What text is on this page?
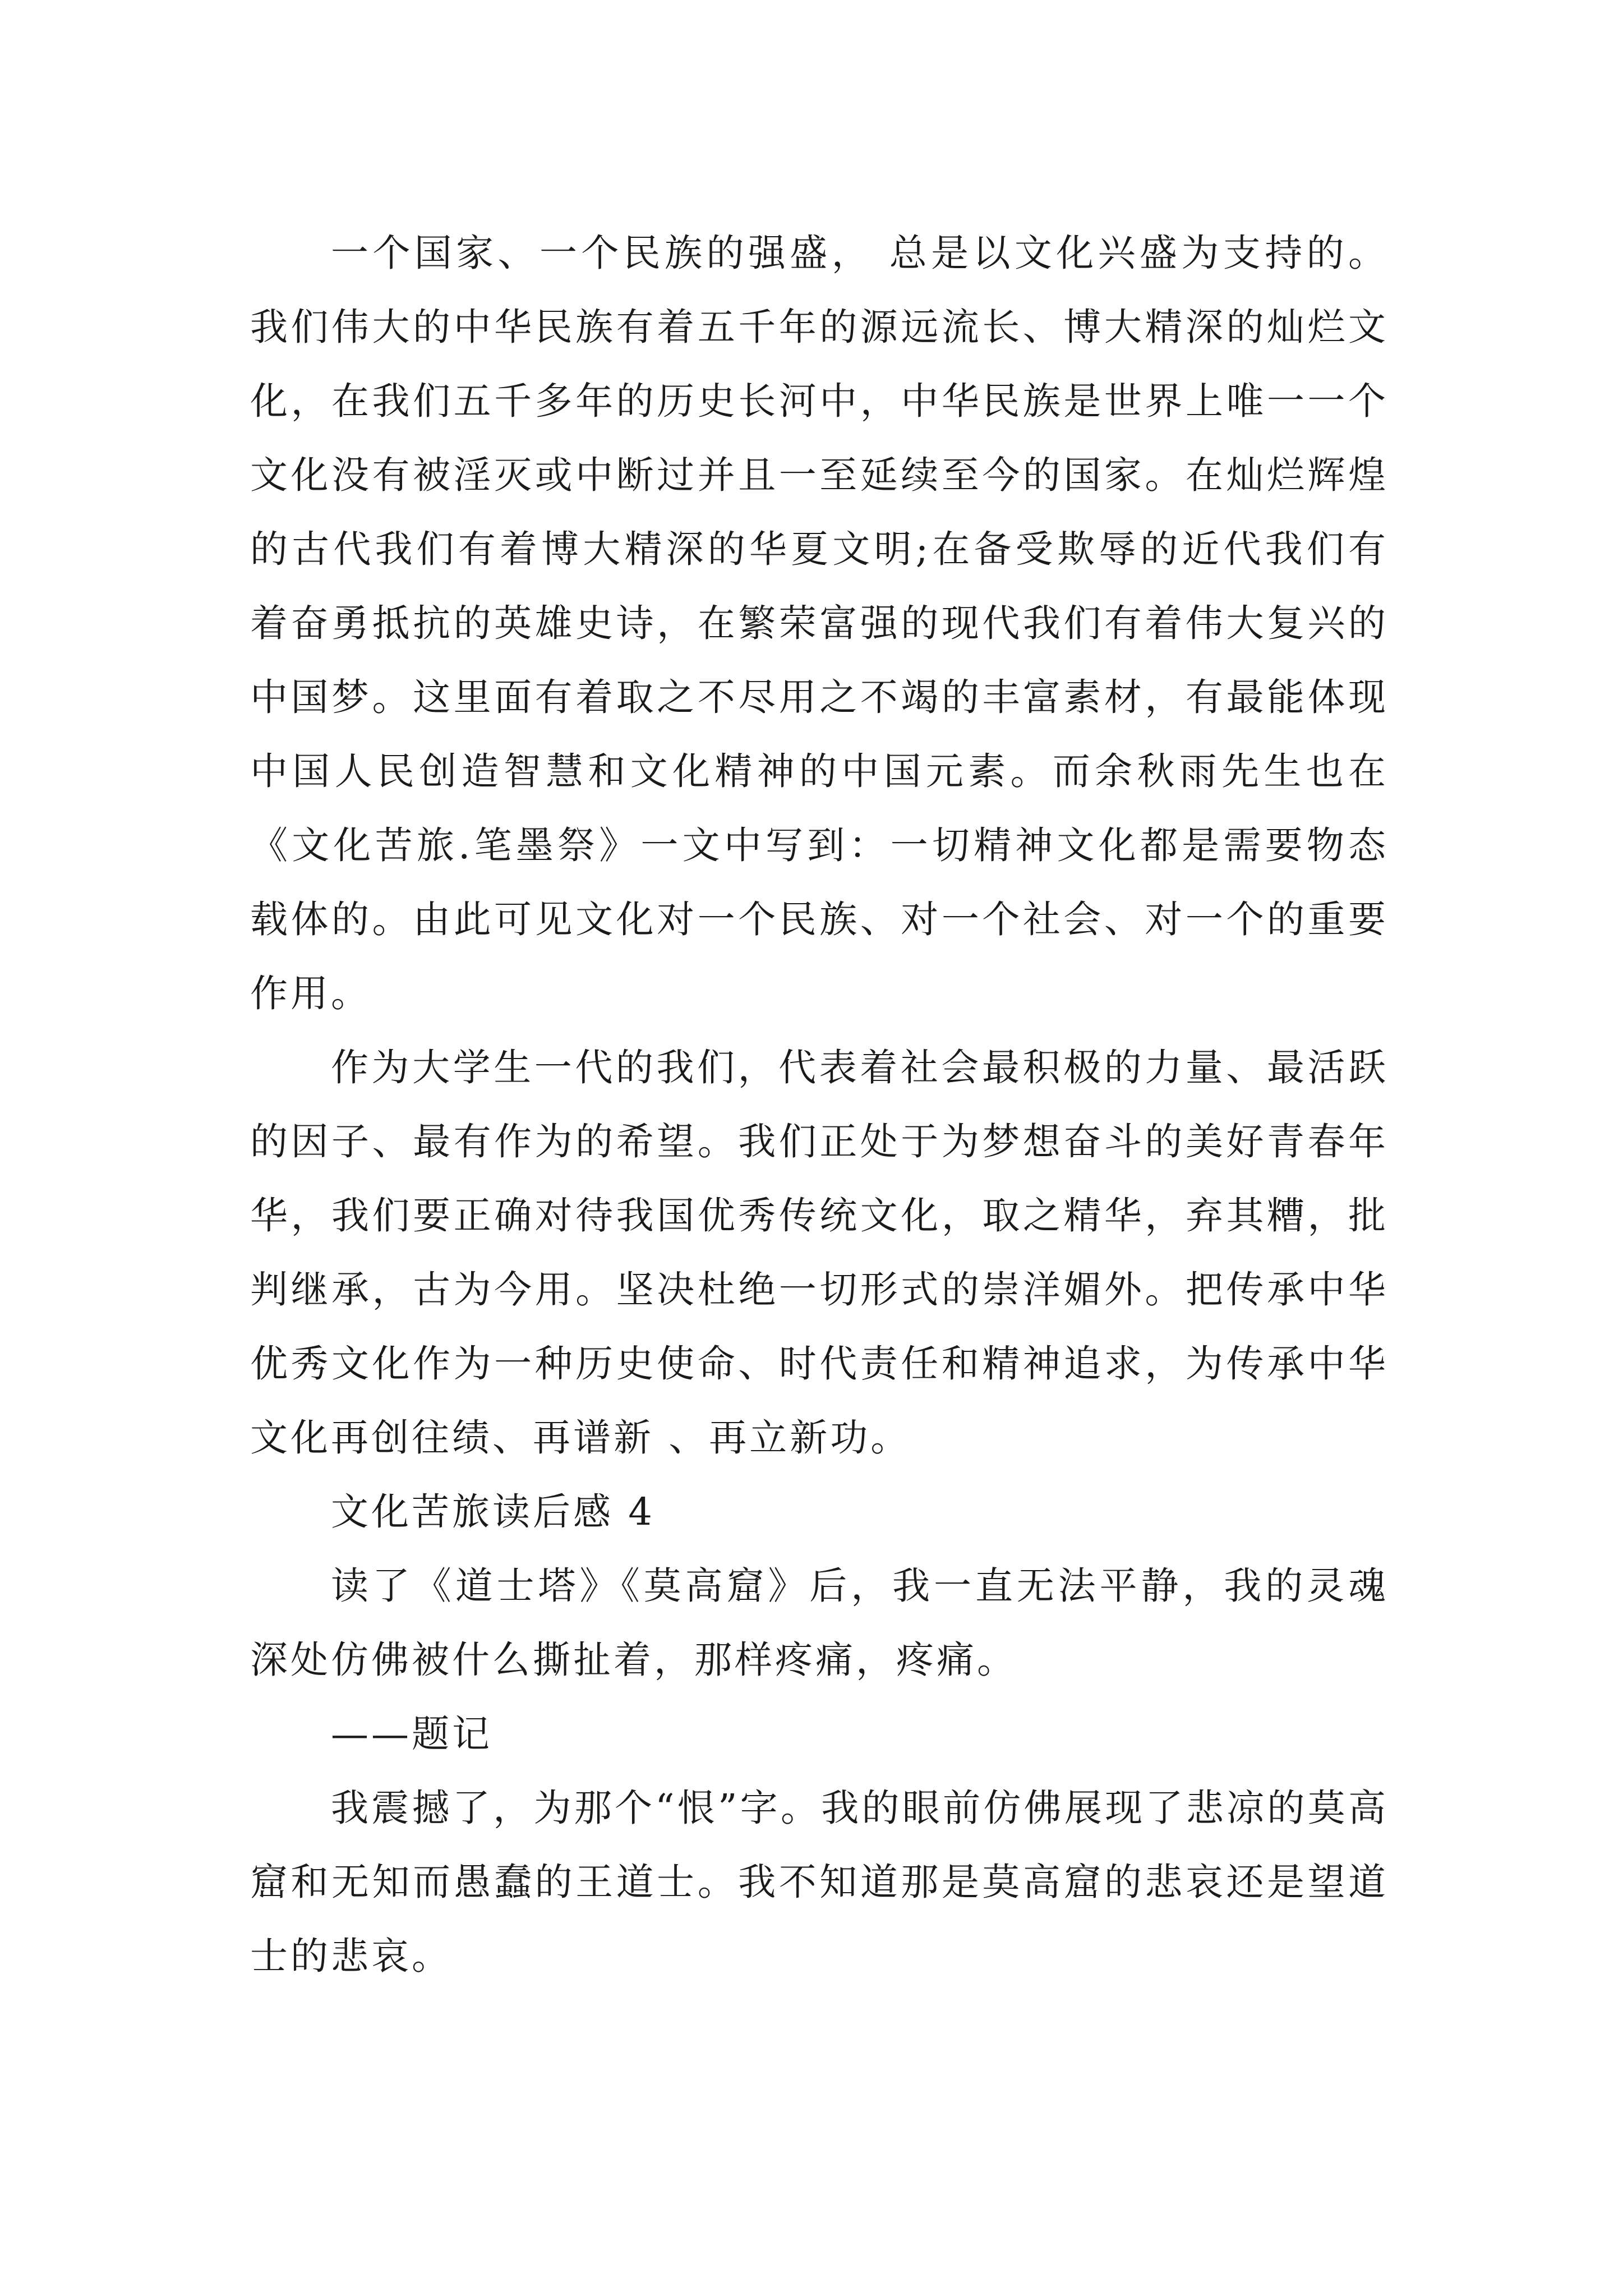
一个国家、一个民族的强盛， 总是以文化兴盛为支持的。我们伟大的中华民族有着五千年的源远流长、博大精深的灿烂文化，在我们五千多年的历史长河中，中华民族是世界上唯一一个文化没有被淫灭或中断过并且一至延续至今的国家。在灿烂辉煌的古代我们有着博大精深的华夏文明;在备受欺辱的近代我们有着奋勇抵抗的英雄史诗，在繁荣富强的现代我们有着伟大复兴的中国梦。这里面有着取之不尽用之不竭的丰富素材，有最能体现中国人民创造智慧和文化精神的中国元素。而余秋雨先生也在《文化苦旅.笔墨祭》一文中写到：一切精神文化都是需要物态载体的。由此可见文化对一个民族、对一个社会、对一个的重要作用。

作为大学生一代的我们，代表着社会最积极的力量、最活跃的因子、最有作为的希望。我们正处于为梦想奋斗的美好青春年华，我们要正确对待我国优秀传统文化，取之精华，弃其糟，批判继承，古为今用。坚决杜绝一切形式的崇洋媚外。把传承中华优秀文化作为一种历史使命、时代责任和精神追求，为传承中华文化再创往绩、再谱新 、再立新功。

文化苦旅读后感 4

读了《道士塔》《莫高窟》后，我一直无法平静，我的灵魂深处仿佛被什么撕扯着，那样疼痛，疼痛。

——题记

我震撼了，为那个“恨”字。我的眼前仿佛展现了悲凉的莫高窟和无知而愚蠢的王道士。我不知道那是莫高窟的悲哀还是望道士的悲哀。
